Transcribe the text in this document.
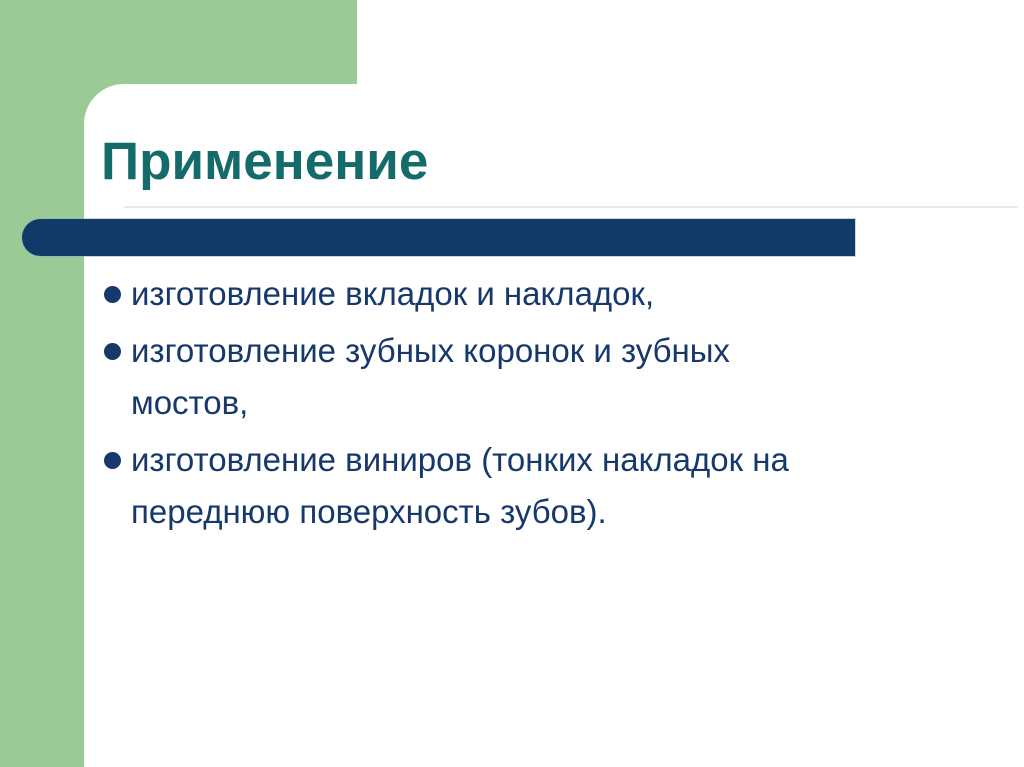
Применение
изготовление вкладок и накладок,
изготовление зубных коронок и зубных
мостов,
изготовление виниров (тонких накладок на
переднюю поверхность зубов).
